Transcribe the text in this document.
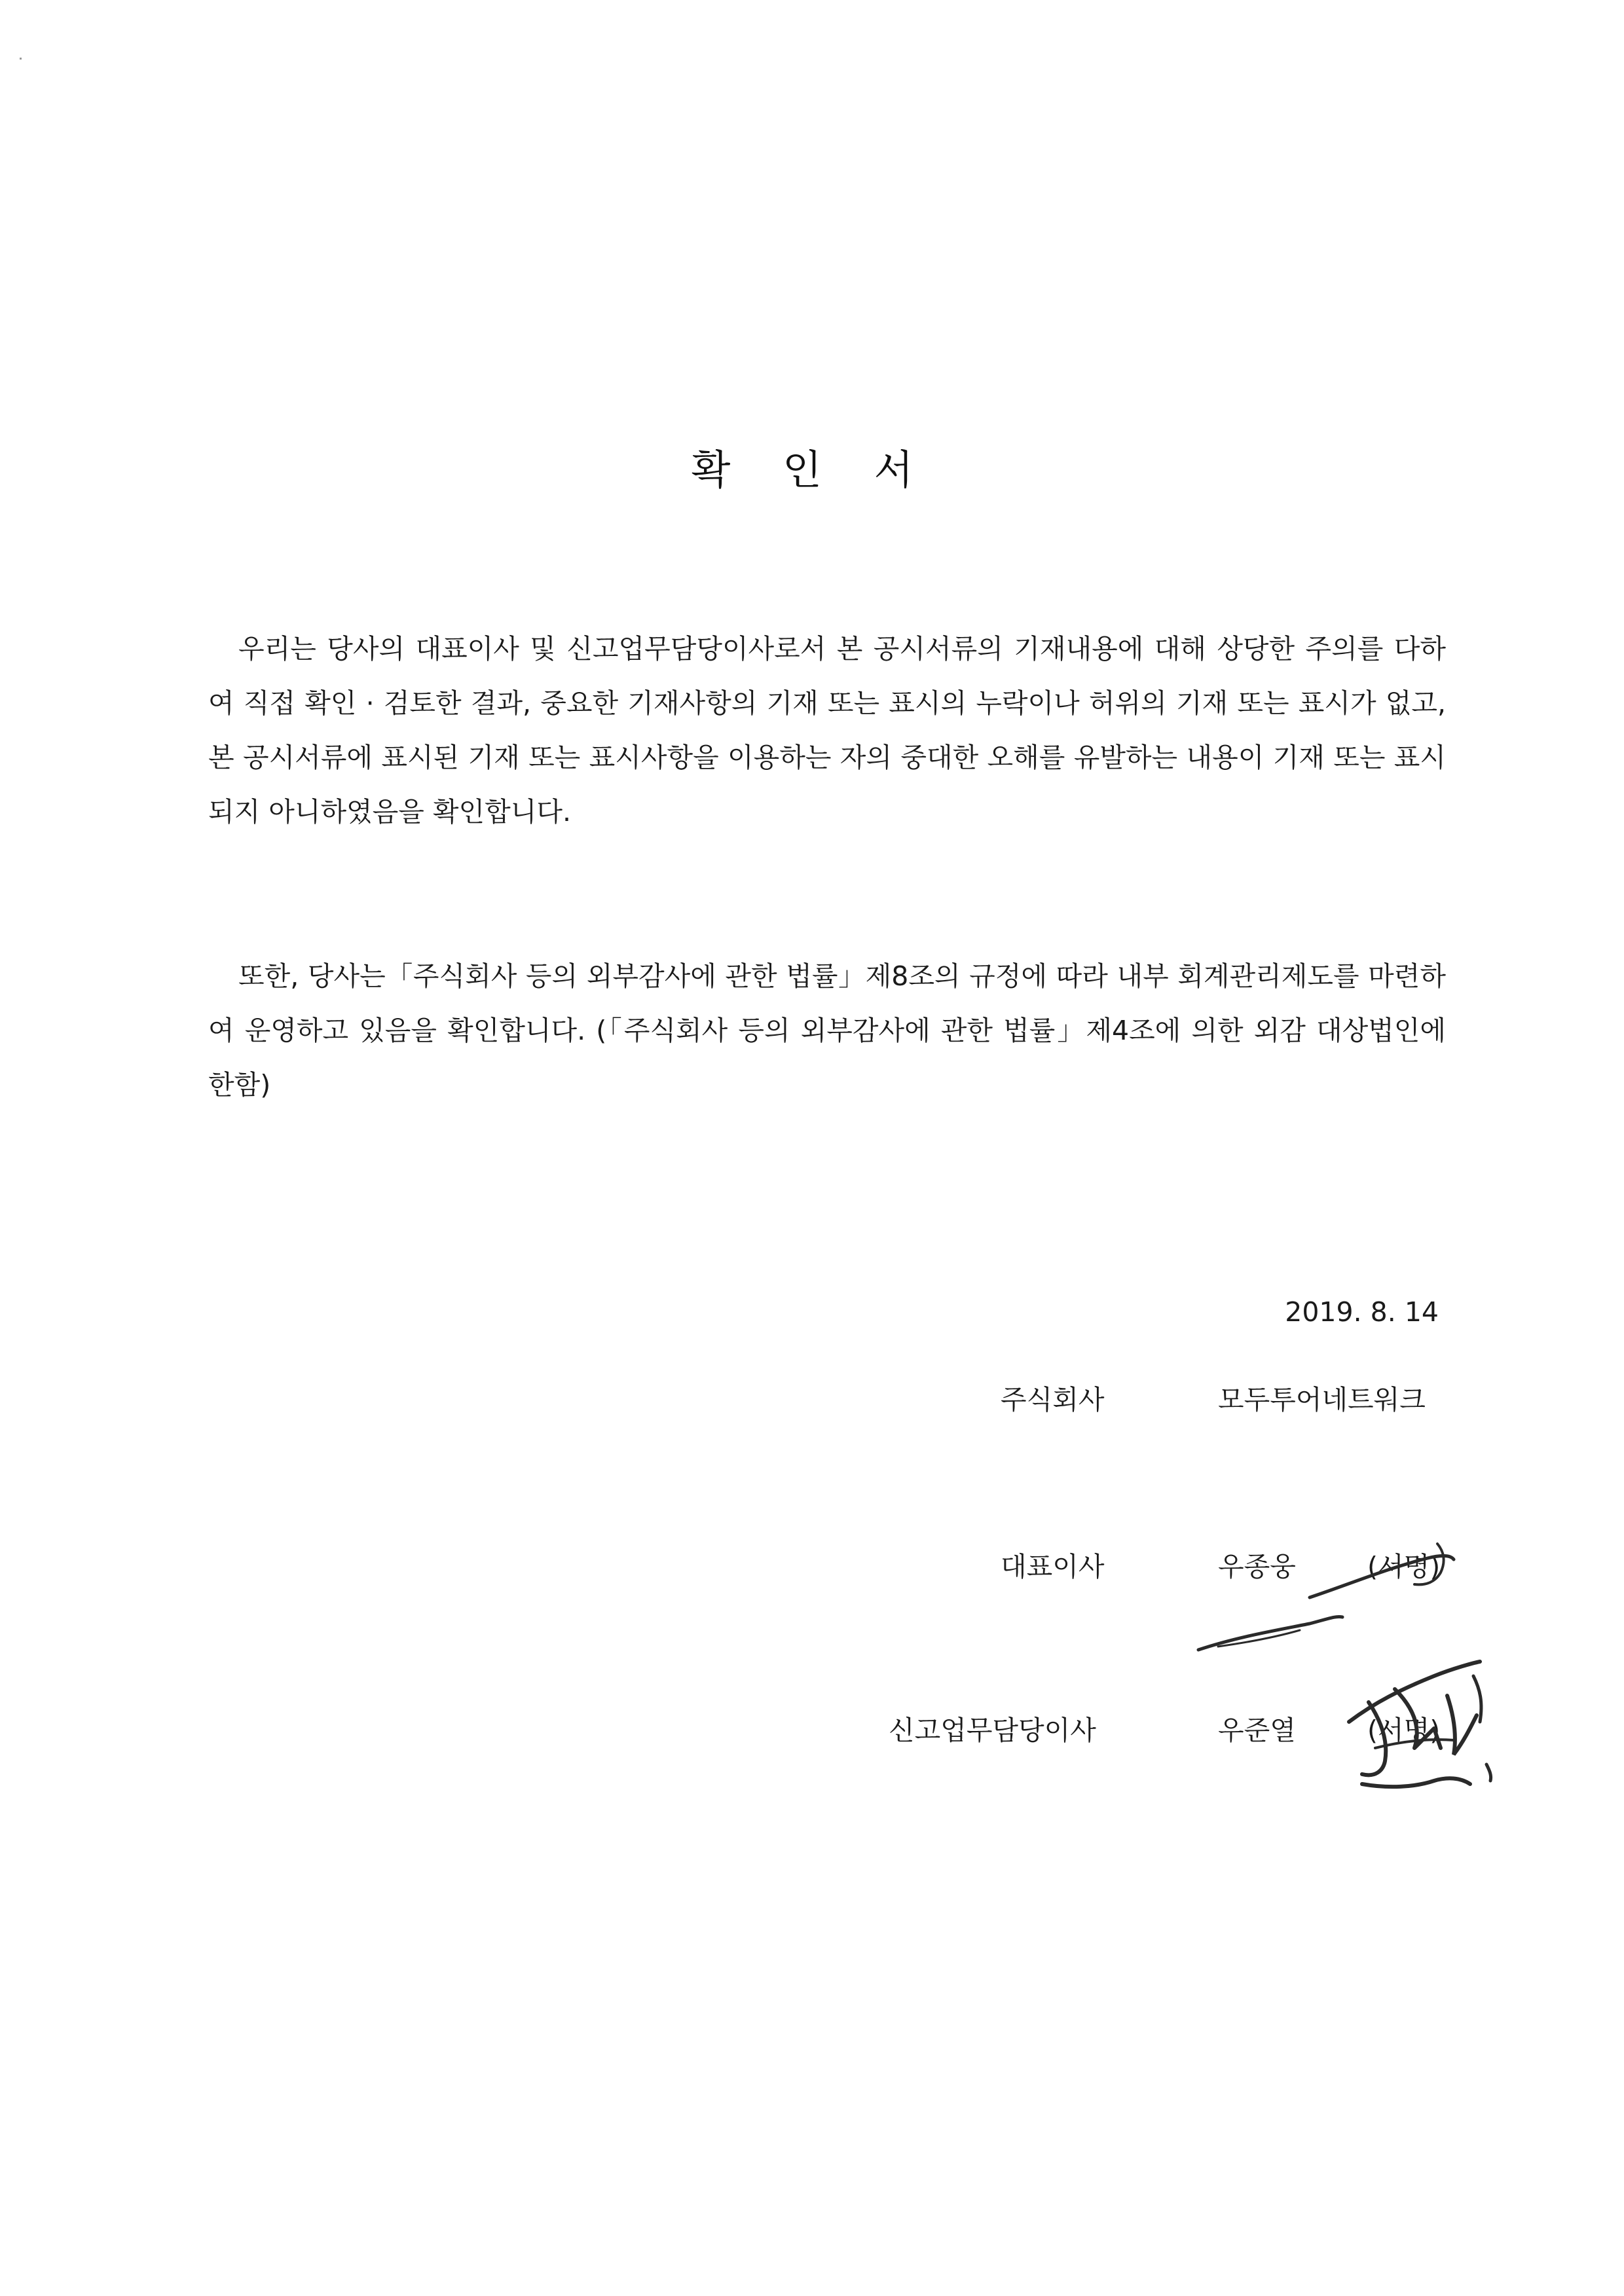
확 인 서

우리는 당사의 대표이사 및 신고업무담당이사로서 본 공시서류의 기재내용에 대해 상당한 주의를 다하여 직접 확인 · 검토한 결과, 중요한 기재사항의 기재 또는 표시의 누락이나 허위의 기재 또는 표시가 없고, 본 공시서류에 표시된 기재 또는 표시사항을 이용하는 자의 중대한 오해를 유발하는 내용이 기재 또는 표시되지 아니하였음을 확인합니다.

또한, 당사는「주식회사 등의 외부감사에 관한 법률」제8조의 규정에 따라 내부 회계관리제도를 마련하여 운영하고 있음을 확인합니다. (「주식회사 등의 외부감사에 관한 법률」제4조에 의한 외감 대상법인에 한함)

2019. 8. 14
주식회사	모두투어네트워크
대표이사	우종웅	(서명)
신고업무담당이사	우준열	(서명)
